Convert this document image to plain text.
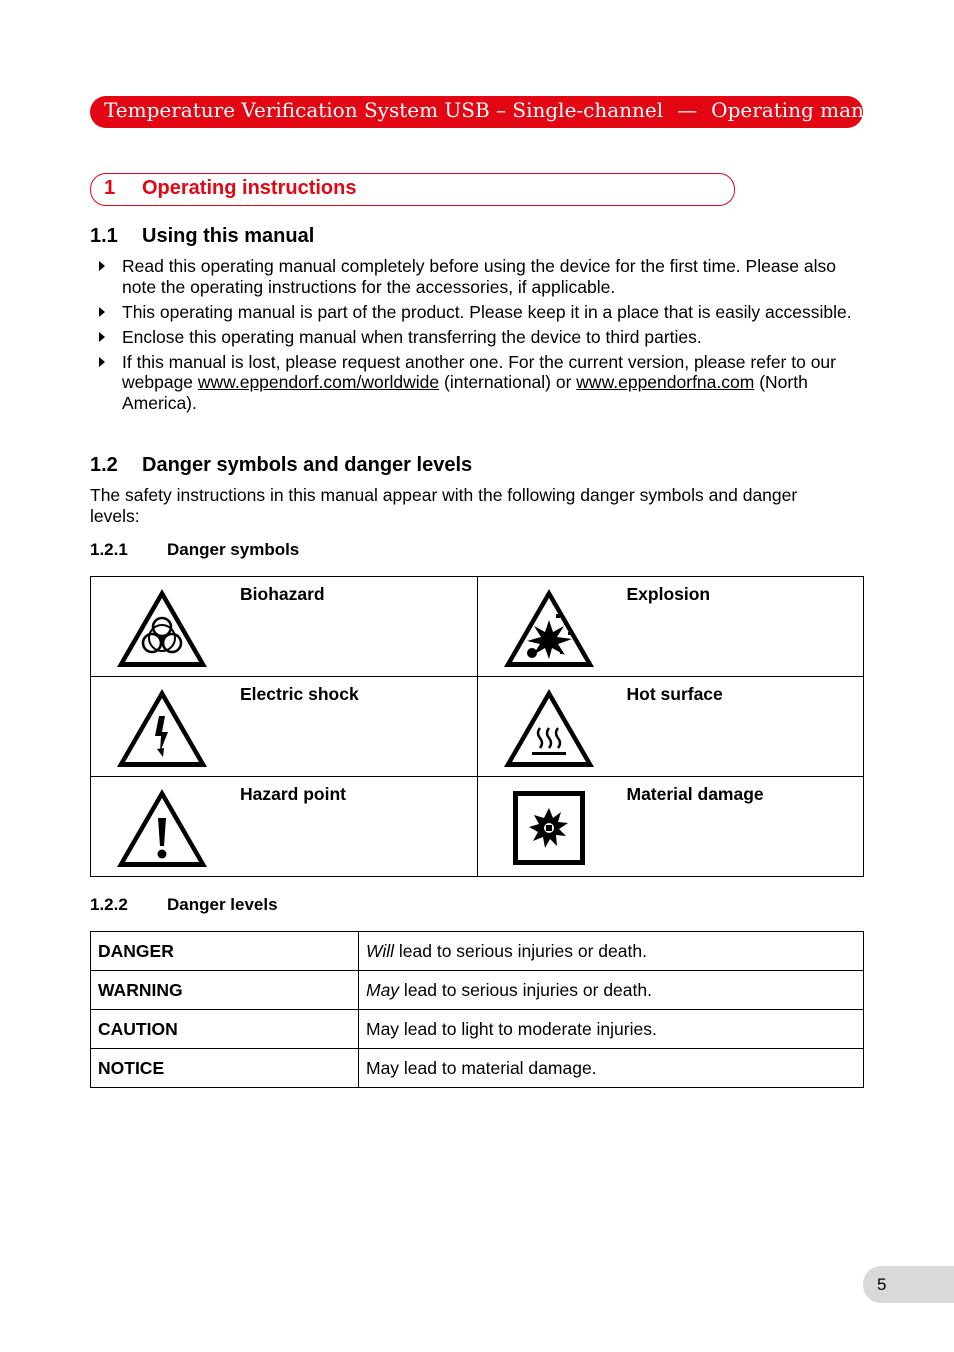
Temperature Verification System USB – Single-channel — Operating manual
1 Operating instructions
1.1 Using this manual
Read this operating manual completely before using the device for the first time. Please also note the operating instructions for the accessories, if applicable.
This operating manual is part of the product. Please keep it in a place that is easily accessible.
Enclose this operating manual when transferring the device to third parties.
If this manual is lost, please request another one. For the current version, please refer to our webpage www.eppendorf.com/worldwide (international) or www.eppendorfna.com (North America).
1.2 Danger symbols and danger levels

The safety instructions in this manual appear with the following danger symbols and danger levels:

1.2.1 Danger symbols
Biohazard	Explosion

Electric shock	Hot surface

Hazard point	Material damage
1.2.2 Danger levels
DANGER	Will lead to serious injuries or death.
WARNING	May lead to serious injuries or death.
CAUTION	May lead to light to moderate injuries.
NOTICE	May lead to material damage.
5
